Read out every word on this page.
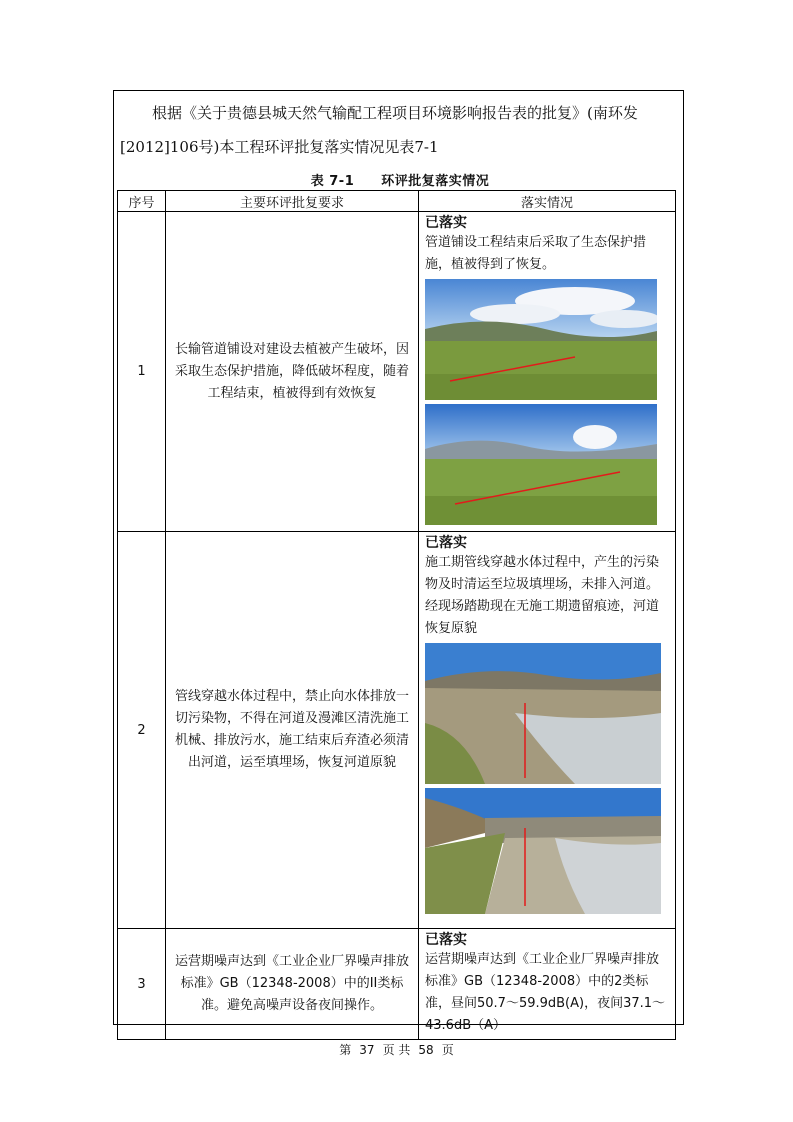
根据《关于贵德县城天然气输配工程项目环境影响报告表的批复》(南环发[2012]106号)本工程环评批复落实情况见表7-1
表 7-1　　环评批复落实情况
序号	主要环评批复要求	落实情况
1	长输管道铺设对建设去植被产生破坏，因采取生态保护措施，降低破坏程度，随着工程结束，植被得到有效恢复	已落实
管道铺设工程结束后采取了生态保护措施，植被得到了恢复。

2	管线穿越水体过程中，禁止向水体排放一切污染物，不得在河道及漫滩区清洗施工机械、排放污水，施工结束后弃渣必须清出河道，运至填埋场，恢复河道原貌	已落实
施工期管线穿越水体过程中，产生的污染物及时清运至垃圾填埋场，未排入河道。经现场踏勘现在无施工期遗留痕迹，河道恢复原貌

3	运营期噪声达到《工业企业厂界噪声排放标准》GB（12348-2008）中的II类标准。避免高噪声设备夜间操作。	已落实
运营期噪声达到《工业企业厂界噪声排放标准》GB（12348-2008）中的2类标准，昼间50.7～59.9dB(A)，夜间37.1～43.6dB（A）
第 37 页 共 58 页
